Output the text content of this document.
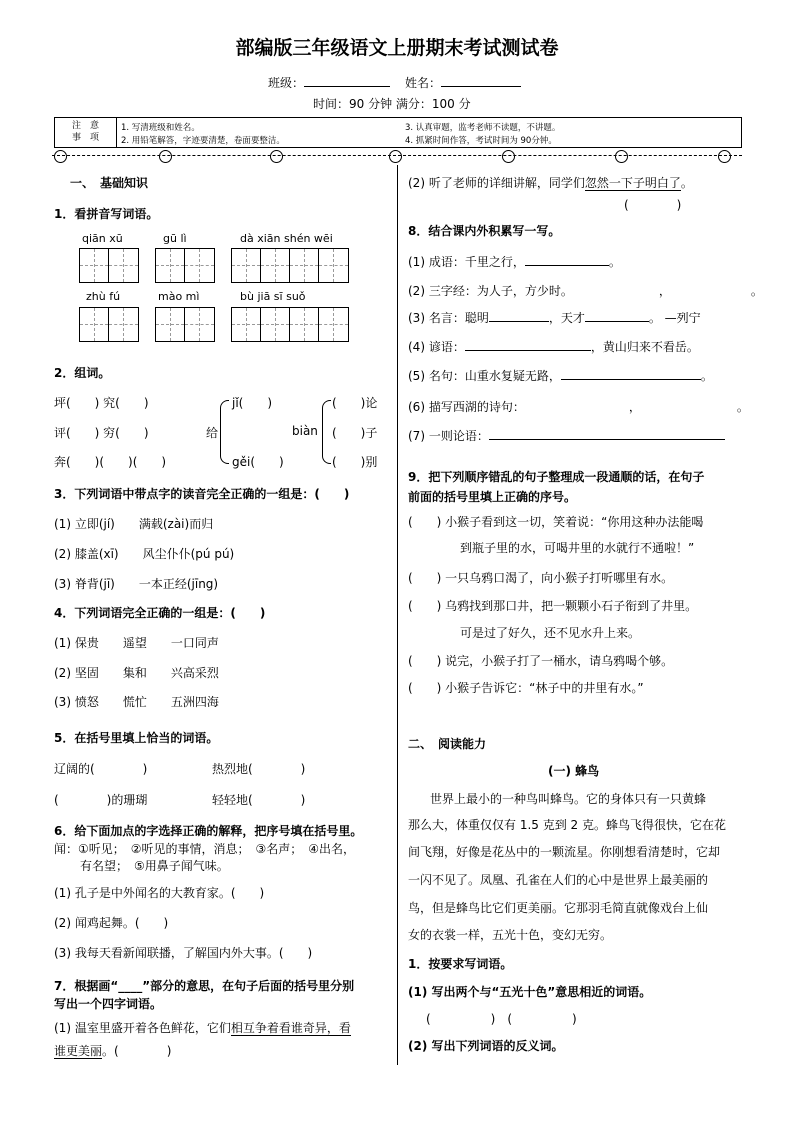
部编版三年级语文上册期末考试测试卷
班级：	姓名：
时间：90 分钟 满分：100 分
注　意
事　项
1. 写清班级和姓名。
2. 用铅笔解答，字迹要清楚，卷面要整洁。
3. 认真审题，监考老师不读题，不讲题。
4. 抓紧时间作答，考试时间为 90分钟。
一、　基础知识
1．看拼音写词语。
qiān xū	gū lì	dà xiān shén wēi
zhù fú	mào mì	bù jiā sī suǒ
2．组词。
坪(　　) 究(　　)
评(　　) 穷(　　)
奔(　　)(　　)(　　)
给
jǐ(　　)
gěi(　　)
biàn
(　　)论
(　　)子
(　　)别
3．下列词语中带点字的读音完全正确的一组是：(　　)
(1) 立即(jí)　　满载(zài)而归
(2) 膝盖(xī)　　风尘仆仆(pú pú)
(3) 脊背(jī)　　一本正经(jīng)
4．下列词语完全正确的一组是：(　　)
(1) 保贵　　遥望　　一口同声
(2) 坚固　　集和　　兴高采烈
(3) 愤怒　　慌忙　　五洲四海
5．在括号里填上恰当的词语。
辽阔的(　　　　)	热烈地(　　　　)
(　　　　)的珊瑚	轻轻地(　　　　)
6．给下面加点的字选择正确的解释，把序号填在括号里。
闻：①听见；　②听见的事情，消息；　③名声；　④出名，
有名望；　⑤用鼻子闻气味。
(1) 孔子是中外闻名的大教育家。(　　)
(2) 闻鸡起舞。(　　)
(3) 我每天看新闻联播，了解国内外大事。(　　)
7．根据画“____”部分的意思，在句子后面的括号里分别
写出一个四字词语。
(1) 温室里盛开着各色鲜花，它们相互争着看谁奇异，看
谁更美丽。(　　　　)
(2) 听了老师的详细讲解，同学们忽然一下子明白了。
(　　　　)
8．结合课内外积累写一写。
(1) 成语：千里之行，	。
(2) 三字经：为人子，方少时。	，	。
(3) 名言：聪明	，天才	。 —列宁
(4) 谚语：	，黄山归来不看岳。
(5) 名句：山重水复疑无路，	。
(6) 描写西湖的诗句：	，	。
(7) 一则论语：
9．把下列顺序错乱的句子整理成一段通顺的话，在句子
前面的括号里填上正确的序号。
(　　) 小猴子看到这一切，笑着说：“你用这种办法能喝
到瓶子里的水，可喝井里的水就行不通啦！”
(　　) 一只乌鸦口渴了，向小猴子打听哪里有水。
(　　) 乌鸦找到那口井，把一颗颗小石子衔到了井里。
可是过了好久，还不见水升上来。
(　　) 说完，小猴子打了一桶水，请乌鸦喝个够。
(　　) 小猴子告诉它：“林子中的井里有水。”
二、　阅读能力
(一) 蜂鸟
世界上最小的一种鸟叫蜂鸟。它的身体只有一只黄蜂
那么大，体重仅仅有 1.5 克到 2 克。蜂鸟飞得很快，它在花
间飞翔，好像是花丛中的一颗流星。你刚想看清楚时，它却
一闪不见了。凤凰、孔雀在人们的心中是世界上最美丽的
鸟，但是蜂鸟比它们更美丽。它那羽毛简直就像戏台上仙
女的衣裳一样，五光十色，变幻无穷。
1．按要求写词语。
(1) 写出两个与“五光十色”意思相近的词语。
(　　　　　)　(　　　　　)
(2) 写出下列词语的反义词。
